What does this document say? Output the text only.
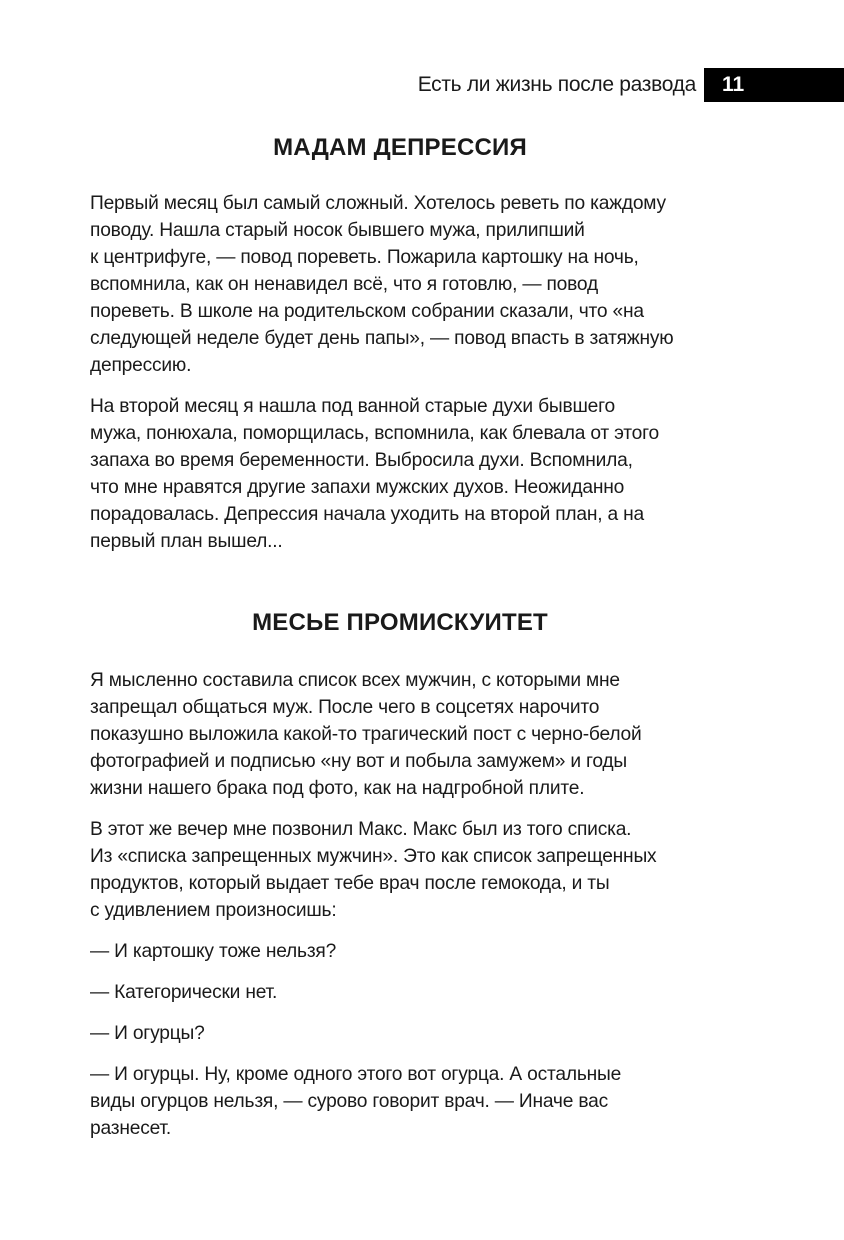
Есть ли жизнь после развода 11
МАДАМ ДЕПРЕССИЯ

Первый месяц был самый сложный. Хотелось реветь по каждому
поводу. Нашла старый носок бывшего мужа, прилипший
к центрифуге, — повод пореветь. Пожарила картошку на ночь,
вспомнила, как он ненавидел всё, что я готовлю, — повод
пореветь. В школе на родительском собрании сказали, что «на
следующей неделе будет день папы», — повод впасть в затяжную
депрессию.

На второй месяц я нашла под ванной старые духи бывшего
мужа, понюхала, поморщилась, вспомнила, как блевала от этого
запаха во время беременности. Выбросила духи. Вспомнила,
что мне нравятся другие запахи мужских духов. Неожиданно
порадовалась. Депрессия начала уходить на второй план, а на
первый план вышел...

МЕСЬЕ ПРОМИСКУИТЕТ

Я мысленно составила список всех мужчин, с которыми мне
запрещал общаться муж. После чего в соцсетях нарочито
показушно выложила какой-то трагический пост с черно-белой
фотографией и подписью «ну вот и побыла замужем» и годы
жизни нашего брака под фото, как на надгробной плите.

В этот же вечер мне позвонил Макс. Макс был из того списка.
Из «списка запрещенных мужчин». Это как список запрещенных
продуктов, который выдает тебе врач после гемокода, и ты
с удивлением произносишь:

— И картошку тоже нельзя?

— Категорически нет.

— И огурцы?

— И огурцы. Ну, кроме одного этого вот огурца. А остальные
виды огурцов нельзя, — сурово говорит врач. — Иначе вас
разнесет.
